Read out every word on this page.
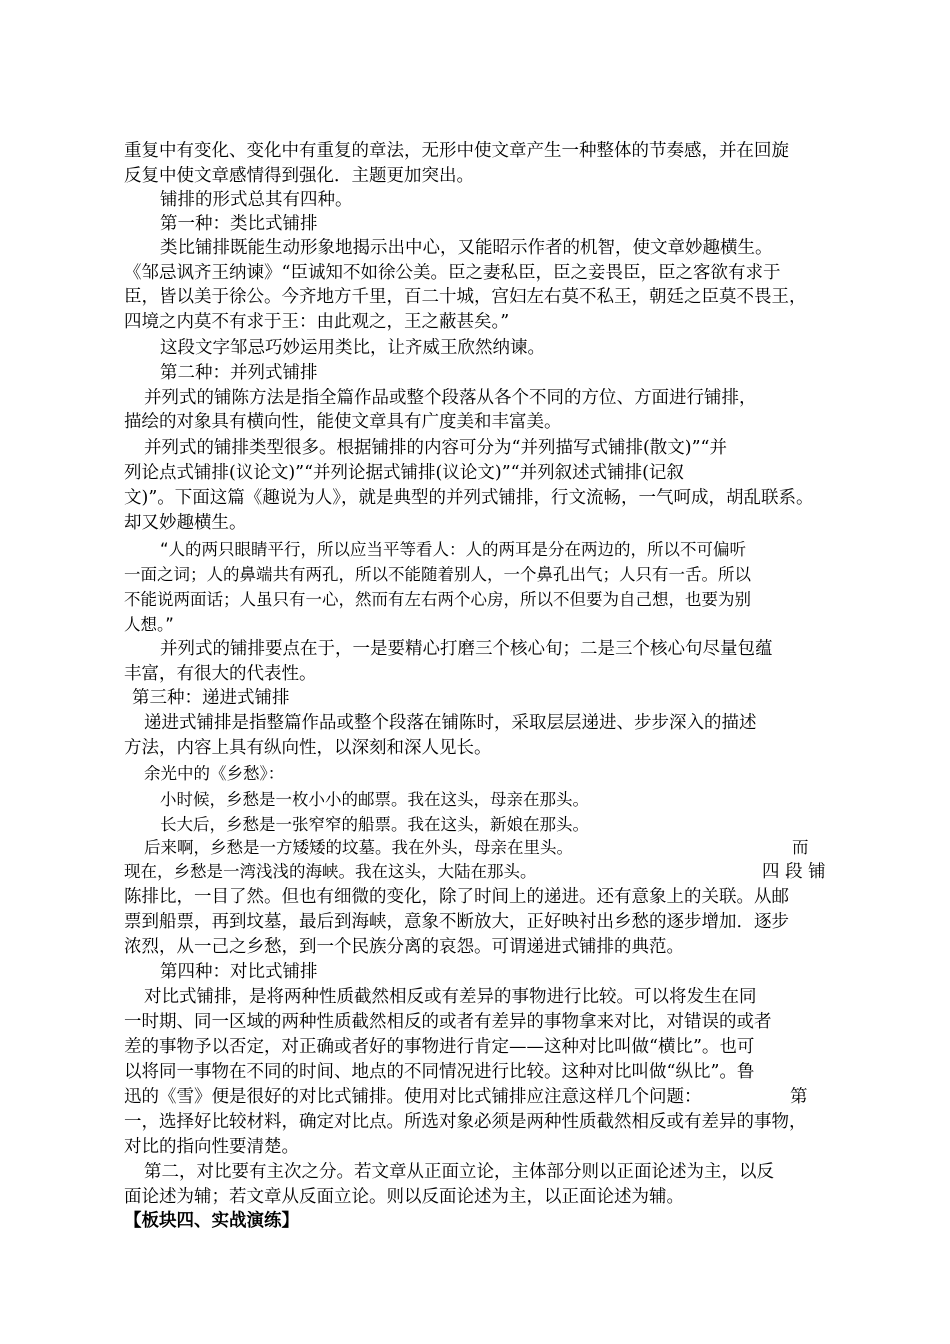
重复中有变化、变化中有重复的章法，无形中使文章产生一种整体的节奏感，并在回旋
反复中使文章感情得到强化．主题更加突出。
铺排的形式总其有四种。
第一种：类比式铺排
类比铺排既能生动形象地揭示出中心，又能昭示作者的机智，使文章妙趣横生。
《邹忌讽齐王纳谏》“臣诚知不如徐公美。臣之妻私臣，臣之妾畏臣，臣之客欲有求于
臣，皆以美于徐公。今齐地方千里，百二十城，宫妇左右莫不私王，朝廷之臣莫不畏王，
四境之内莫不有求于王：由此观之，王之蔽甚矣。”
这段文字邹忌巧妙运用类比，让齐威王欣然纳谏。
第二种：并列式铺排
并列式的铺陈方法是指全篇作品或整个段落从各个不同的方位、方面进行铺排，
描绘的对象具有横向性，能使文章具有广度美和丰富美。
并列式的铺排类型很多。根据铺排的内容可分为“并列描写式铺排(散文)”“并
列论点式铺排(议论文)”“并列论据式铺排(议论文)”“并列叙述式铺排(记叙
文)”。下面这篇《趣说为人》，就是典型的并列式铺排，行文流畅，一气呵成，胡乱联系。
却又妙趣横生。
“人的两只眼睛平行，所以应当平等看人：人的两耳是分在两边的，所以不可偏听
一面之词；人的鼻端共有两孔，所以不能随着别人，一个鼻孔出气；人只有一舌。所以
不能说两面话；人虽只有一心，然而有左右两个心房，所以不但要为自己想，也要为别
人想。”
并列式的铺排要点在于，一是要精心打磨三个核心旬；二是三个核心句尽量包蕴
丰富，有很大的代表性。
第三种：递进式铺排
递进式铺排是指整篇作品或整个段落在铺陈时，采取层层递进、步步深入的描述
方法，内容上具有纵向性，以深刻和深人见长。
余光中的《乡愁》：
小时候，乡愁是一枚小小的邮票。我在这头，母亲在那头。
长大后，乡愁是一张窄窄的船票。我在这头，新娘在那头。
后来啊，乡愁是一方矮矮的坟墓。我在外头，母亲在里头。	而
现在，乡愁是一湾浅浅的海峡。我在这头，大陆在那头。	四 段 铺
陈排比，一目了然。但也有细微的变化，除了时间上的递进。还有意象上的关联。从邮
票到船票，再到坟墓，最后到海峡，意象不断放大，正好映衬出乡愁的逐步增加．逐步
浓烈，从一己之乡愁，到一个民族分离的哀怨。可谓递进式铺排的典范。
第四种：对比式铺排
对比式铺排，是将两种性质截然相反或有差异的事物进行比较。可以将发生在同
一时期、同一区域的两种性质截然相反的或者有差异的事物拿来对比，对错误的或者
差的事物予以否定，对正确或者好的事物进行肯定——这种对比叫做“横比”。也可
以将同一事物在不同的时间、地点的不同情况进行比较。这种对比叫做“纵比”。鲁
迅的《雪》便是很好的对比式铺排。使用对比式铺排应注意这样几个问题：	第
一，选择好比较材料，确定对比点。所选对象必须是两种性质截然相反或有差异的事物，
对比的指向性要清楚。
第二，对比要有主次之分。若文章从正面立论，主体部分则以正面论述为主，以反
面论述为辅；若文章从反面立论。则以反面论述为主，以正面论述为辅。
【板块四、实战演练】
